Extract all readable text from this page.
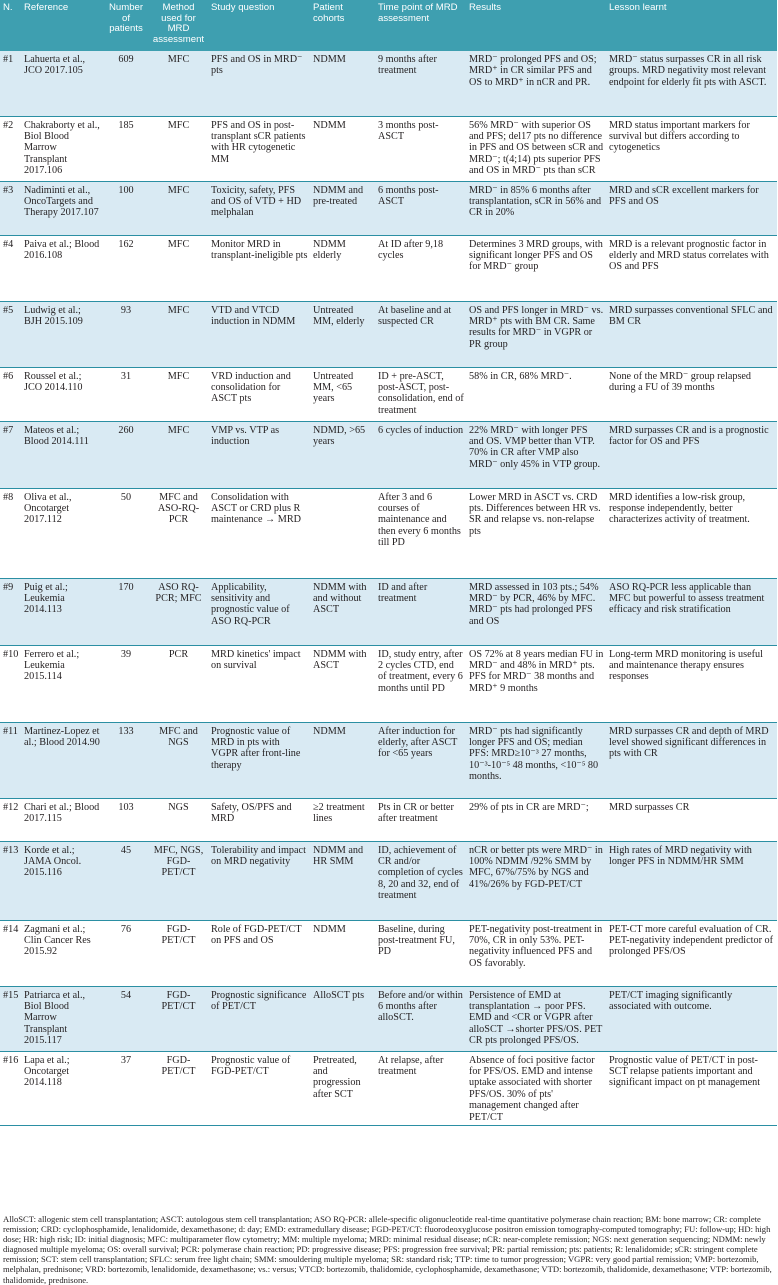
N.	Reference	Number of patients	Method used for MRD assessment	Study question	Patient cohorts	Time point of MRD assessment	Results	Lesson learnt
#1	Lahuerta et al., JCO 2017.105	609	MFC	PFS and OS in MRD⁻ pts	NDMM	9 months after treatment	MRD⁻ prolonged PFS and OS; MRD⁺ in CR similar PFS and OS to MRD⁺ in nCR and PR.	MRD⁻ status surpasses CR in all risk groups. MRD negativity most relevant endpoint for elderly fit pts with ASCT.
#2	Chakraborty et al., Biol Blood Marrow Transplant 2017.106	185	MFC	PFS and OS in post-transplant sCR patients with HR cytogenetic MM	NDMM	3 months post-ASCT	56% MRD⁻ with superior OS and PFS; del17 pts no difference in PFS and OS between sCR and MRD⁻; t(4;14) pts superior PFS and OS in MRD⁻ pts than sCR	MRD status important markers for survival but differs according to cytogenetics
#3	Nadiminti et al., OncoTargets and Therapy 2017.107	100	MFC	Toxicity, safety, PFS and OS of VTD + HD melphalan	NDMM and pre-treated	6 months post-ASCT	MRD⁻ in 85% 6 months after transplantation, sCR in 56% and CR in 20%	MRD and sCR excellent markers for PFS and OS
#4	Paiva et al.; Blood 2016.108	162	MFC	Monitor MRD in transplant-ineligible pts	NDMM elderly	At ID after 9,18 cycles	Determines 3 MRD groups, with significant longer PFS and OS for MRD⁻ group	MRD is a relevant prognostic factor in elderly and MRD status correlates with OS and PFS
#5	Ludwig et al.; BJH 2015.109	93	MFC	VTD and VTCD induction in NDMM	Untreated MM, elderly	At baseline and at suspected CR	OS and PFS longer in MRD⁻ vs. MRD⁺ pts with BM CR. Same results for MRD⁻ in VGPR or PR group	MRD surpasses conventional SFLC and BM CR
#6	Roussel et al.; JCO 2014.110	31	MFC	VRD induction and consolidation for ASCT pts	Untreated MM, <65 years	ID + pre-ASCT, post-ASCT, post-consolidation, end of treatment	58% in CR, 68% MRD⁻.	None of the MRD⁻ group relapsed during a FU of 39 months
#7	Mateos et al.; Blood 2014.111	260	MFC	VMP vs. VTP as induction	NDMD, >65 years	6 cycles of induction	22% MRD⁻ with longer PFS and OS. VMP better than VTP. 70% in CR after VMP also MRD⁻ only 45% in VTP group.	MRD surpasses CR and is a prognostic factor for OS and PFS
#8	Oliva et al., Oncotarget 2017.112	50	MFC and ASO-RQ-PCR	Consolidation with ASCT or CRD plus R maintenance → MRD		After 3 and 6 courses of maintenance and then every 6 months till PD	Lower MRD in ASCT vs. CRD pts. Differences between HR vs. SR and relapse vs. non-relapse pts	MRD identifies a low-risk group, response independently, better characterizes activity of treatment.
#9	Puig et al.; Leukemia 2014.113	170	ASO RQ-PCR; MFC	Applicability, sensitivity and prognostic value of ASO RQ-PCR	NDMM with and without ASCT	ID and after treatment	MRD assessed in 103 pts.; 54% MRD⁻ by PCR, 46% by MFC. MRD⁻ pts had prolonged PFS and OS	ASO RQ-PCR less applicable than MFC but powerful to assess treatment efficacy and risk stratification
#10	Ferrero et al.; Leukemia 2015.114	39	PCR	MRD kinetics' impact on survival	NDMM with ASCT	ID, study entry, after 2 cycles CTD, end of treatment, every 6 months until PD	OS 72% at 8 years median FU in MRD⁻ and 48% in MRD⁺ pts. PFS for MRD⁻ 38 months and MRD⁺ 9 months	Long-term MRD monitoring is useful and maintenance therapy ensures responses
#11	Martinez-Lopez et al.; Blood 2014.90	133	MFC and NGS	Prognostic value of MRD in pts with VGPR after front-line therapy	NDMM	After induction for elderly, after ASCT for <65 years	MRD⁻ pts had significantly longer PFS and OS; median PFS: MRD≥10⁻³ 27 months, 10⁻³-10⁻⁵ 48 months, <10⁻⁵ 80 months.	MRD surpasses CR and depth of MRD level showed significant differences in pts with CR
#12	Chari et al.; Blood 2017.115	103	NGS	Safety, OS/PFS and MRD	≥2 treatment lines	Pts in CR or better after treatment	29% of pts in CR are MRD⁻;	MRD surpasses CR
#13	Korde et al.; JAMA Oncol. 2015.116	45	MFC, NGS, FGD-PET/CT	Tolerability and impact on MRD negativity	NDMM and HR SMM	ID, achievement of CR and/or completion of cycles 8, 20 and 32, end of treatment	nCR or better pts were MRD⁻ in 100% NDMM /92% SMM by MFC, 67%/75% by NGS and 41%/26% by FGD-PET/CT	High rates of MRD negativity with longer PFS in NDMM/HR SMM
#14	Zagmani et al.; Clin Cancer Res 2015.92	76	FGD-PET/CT	Role of FGD-PET/CT on PFS and OS	NDMM	Baseline, during post-treatment FU, PD	PET-negativity post-treatment in 70%, CR in only 53%. PET-negativity influenced PFS and OS favorably.	PET-CT more careful evaluation of CR. PET-negativity independent predictor of prolonged PFS/OS
#15	Patriarca et al., Biol Blood Marrow Transplant 2015.117	54	FGD-PET/CT	Prognostic significance of PET/CT	AlloSCT pts	Before and/or within 6 months after alloSCT.	Persistence of EMD at transplantation → poor PFS. EMD and <CR or VGPR after alloSCT →shorter PFS/OS. PET CR pts prolonged PFS/OS.	PET/CT imaging significantly associated with outcome.
#16	Lapa et al.; Oncotarget 2014.118	37	FGD-PET/CT	Prognostic value of FGD-PET/CT	Pretreated, and progression after SCT	At relapse, after treatment	Absence of foci positive factor for PFS/OS. EMD and intense uptake associated with shorter PFS/OS. 30% of pts' management changed after PET/CT	Prognostic value of PET/CT in post-SCT relapse patients important and significant impact on pt management
AlloSCT: allogenic stem cell transplantation; ASCT: autologous stem cell transplantation; ASO RQ-PCR: allele-specific oligonucleotide real-time quantitative polymerase chain reaction; BM: bone marrow; CR: complete remission; CRD: cyclophosphamide, lenalidomide, dexamethasone; d: day; EMD: extramedullary disease; FGD-PET/CT: fluorodeoxyglucose positron emission tomography-computed tomography; FU: follow-up; HD: high dose; HR: high risk; ID: initial diagnosis; MFC: multiparameter flow cytometry; MM: multiple myeloma; MRD: minimal residual disease; nCR: near-complete remission; NGS: next generation sequencing; NDMM: newly diagnosed multiple myeloma; OS: overall survival; PCR: polymerase chain reaction; PD: progressive disease; PFS: progression free survival; PR: partial remission; pts: patients; R: lenalidomide; sCR: stringent complete remission; SCT: stem cell transplantation; SFLC: serum free light chain; SMM: smouldering multiple myeloma; SR: standard risk; TTP: time to tumor progression; VGPR: very good partial remission; VMP: bortezomib, melphalan, prednisone; VRD: bortezomib, lenalidomide, dexamethasone; vs.: versus; VTCD: bortezomib, thalidomide, cyclophosphamide, dexamethasone; VTD: bortezomib, thalidomide, dexamethasone; VTP: bortezomib, thalidomide, prednisone.
